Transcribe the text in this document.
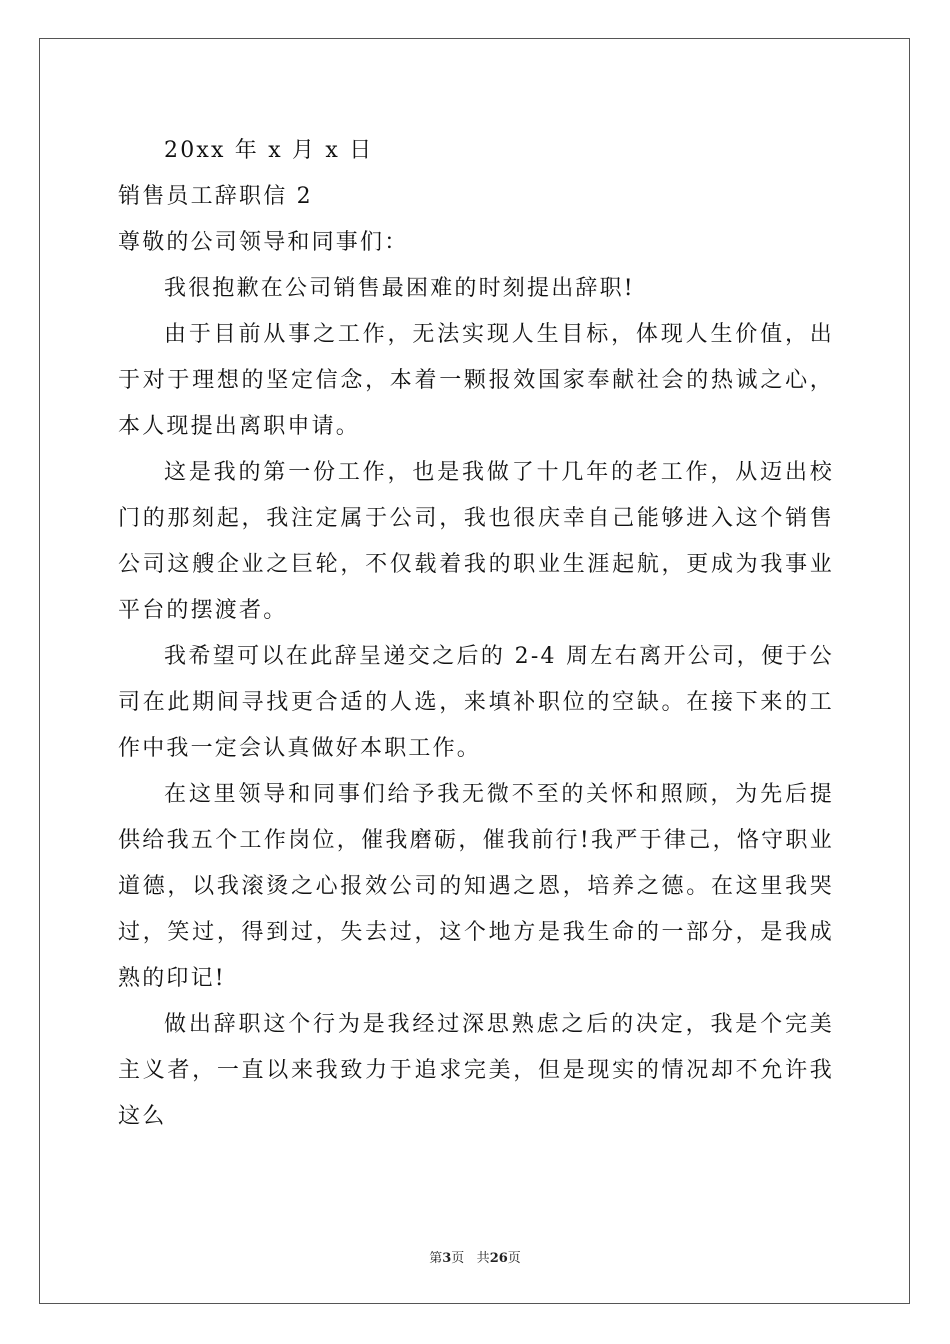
20xx 年 x 月 x 日

销售员工辞职信 2

尊敬的公司领导和同事们：

我很抱歉在公司销售最困难的时刻提出辞职!

由于目前从事之工作，无法实现人生目标，体现人生价值，出于对于理想的坚定信念，本着一颗报效国家奉献社会的热诚之心，本人现提出离职申请。

这是我的第一份工作，也是我做了十几年的老工作，从迈出校门的那刻起，我注定属于公司，我也很庆幸自己能够进入这个销售公司这艘企业之巨轮，不仅载着我的职业生涯起航，更成为我事业平台的摆渡者。

我希望可以在此辞呈递交之后的 2-4 周左右离开公司，便于公司在此期间寻找更合适的人选，来填补职位的空缺。在接下来的工作中我一定会认真做好本职工作。

在这里领导和同事们给予我无微不至的关怀和照顾，为先后提供给我五个工作岗位，催我磨砺，催我前行!我严于律己，恪守职业道德，以我滚烫之心报效公司的知遇之恩，培养之德。在这里我哭过，笑过，得到过，失去过，这个地方是我生命的一部分，是我成熟的印记!

做出辞职这个行为是我经过深思熟虑之后的决定，我是个完美主义者，一直以来我致力于追求完美，但是现实的情况却不允许我这么

第3页 共26页
